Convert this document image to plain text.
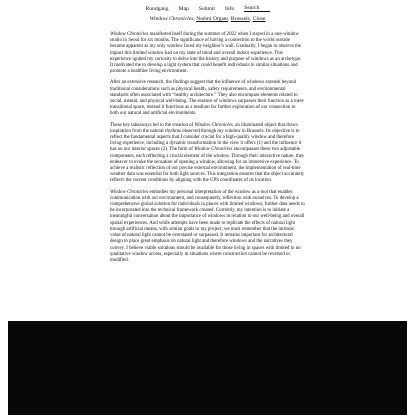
Rundgang Map Submit Info Search
Window Chronicles, Noêmi Orgaer, Brussels, Close

Window Chronicles manifested itself during the summer of 2022 when I stayed in a one-window studio in Seoul for six months. The significance of having a connection to the world outside became apparent as my only window faced my neighbor’s wall. Gradually, I began to observe the impact this limited window had on my state of mind and overall indoor experience. This experience ignited my curiosity to delve into the history and purpose of windows as an archetype. It motivated me to develop a light system that could benefit individuals in similar situations and promote a healthier living environment.

After an extensive research, the findings suggest that the influence of windows extends beyond traditional considerations such as physical health, safety requirements, and environmental standards often associated with “healthy architecture.” They also encompass elements related to social, mental, and physical well-being. The essence of windows surpasses their function as a mere transitional space, instead it functions as a medium for further exploration of our connection to both our natural and artificial environments.

These key takeaways led to the creation of Window Chronicles, an illuminated object that draws inspiration from the natural rhythms observed through my window in Brussels. Its objective is to reflect the fundamental aspects that I consider crucial for a high-quality window and therefore living experience, including a dynamic transformation in the view it offers (1) and the influence it has on our interior spaces (2). The form of Window Chronicles encompasses these two adjustable components, each reflecting a crucial element of the window. Through their interactive nature, they endeavor to evoke the sensation of opening a window, allowing for an immersive experience. To achieve a realistic reflection of our precise external environment, the implementation of real-time weather data was essential for both light sources. This integration ensures that the object accurately reflects the current conditions by aligning with the GPS coordinates of its location.

Window Chronicles embodies my personal interpretation of the window as a tool that enables communication with our environment, and consequently, reflection with ourselves. To develop a comprehensive global solution for individuals in places with limited windows, further data needs to be incorporated into the technical framework created. Currently, my intention is to initiate a meaningful conversation about the importance of windows in relation to our well-being and overall spatial experiences. And while attempts have been made to replicate the effects of natural light through artificial means, with similar goals to my project, we must remember that the intrinsic value of natural light cannot be overstated or surpassed. It remains important for architectural design to place great emphasis on natural light and therefore windows and the narratives they convey. I believe viable solutions should be available for those living in spaces with limited to no qualitative window access, especially in situations where construction cannot be reversed or modified.
